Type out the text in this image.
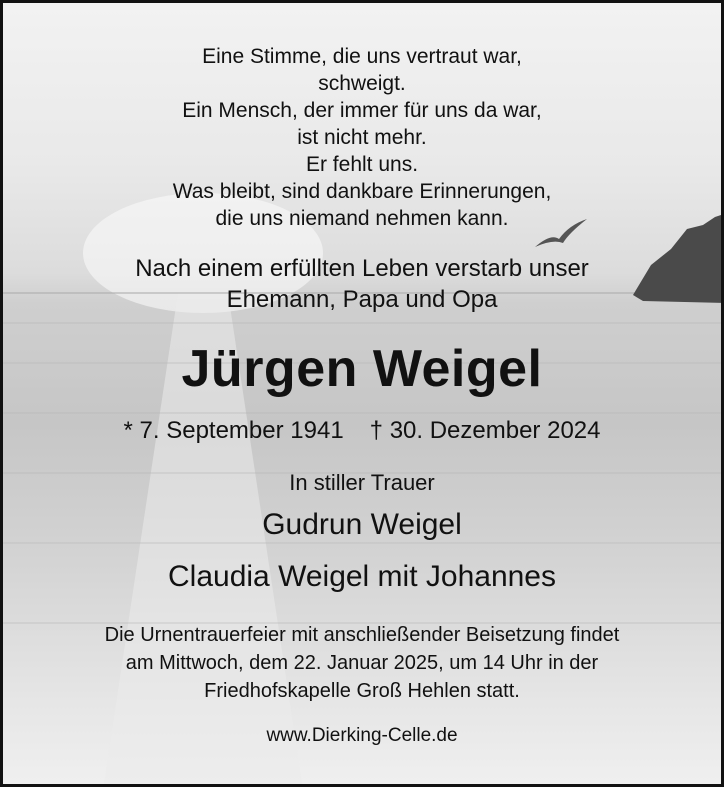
Eine Stimme, die uns vertraut war,
schweigt.
Ein Mensch, der immer für uns da war,
ist nicht mehr.
Er fehlt uns.
Was bleibt, sind dankbare Erinnerungen,
die uns niemand nehmen kann.
Nach einem erfüllten Leben verstarb unser
Ehemann, Papa und Opa
Jürgen Weigel
* 7. September 1941 † 30. Dezember 2024
In stiller Trauer
Gudrun Weigel
Claudia Weigel mit Johannes
Die Urnentrauerfeier mit anschließender Beisetzung findet
am Mittwoch, dem 22. Januar 2025, um 14 Uhr in der
Friedhofskapelle Groß Hehlen statt.
www.Dierking-Celle.de
